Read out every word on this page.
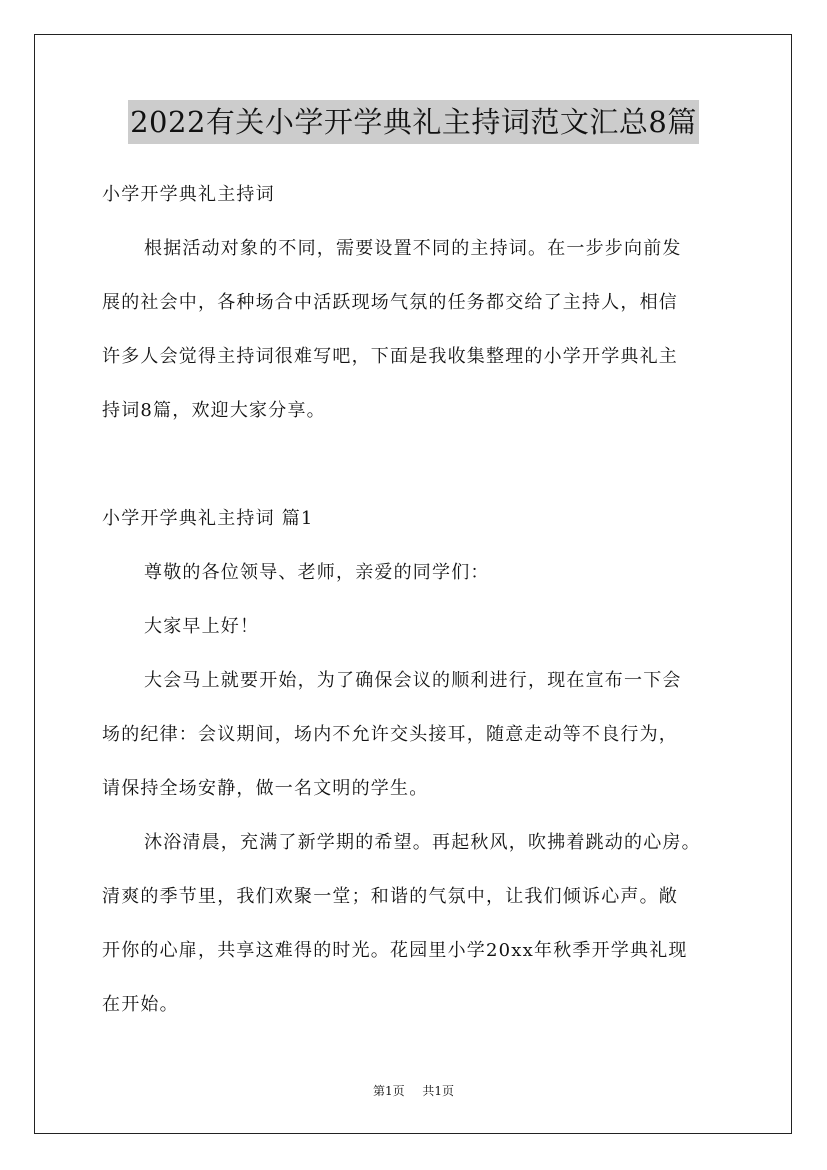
2022有关小学开学典礼主持词范文汇总8篇
小学开学典礼主持词
根据活动对象的不同，需要设置不同的主持词。在一步步向前发
展的社会中，各种场合中活跃现场气氛的任务都交给了主持人，相信
许多人会觉得主持词很难写吧，下面是我收集整理的小学开学典礼主
持词8篇，欢迎大家分享。
小学开学典礼主持词 篇1
尊敬的各位领导、老师，亲爱的同学们：
大家早上好！
大会马上就要开始，为了确保会议的顺利进行，现在宣布一下会
场的纪律：会议期间，场内不允许交头接耳，随意走动等不良行为，
请保持全场安静，做一名文明的学生。
沐浴清晨，充满了新学期的希望。再起秋风，吹拂着跳动的心房。
清爽的季节里，我们欢聚一堂；和谐的气氛中，让我们倾诉心声。敞
开你的心扉，共享这难得的时光。花园里小学20xx年秋季开学典礼现
在开始。
第1页 共1页
